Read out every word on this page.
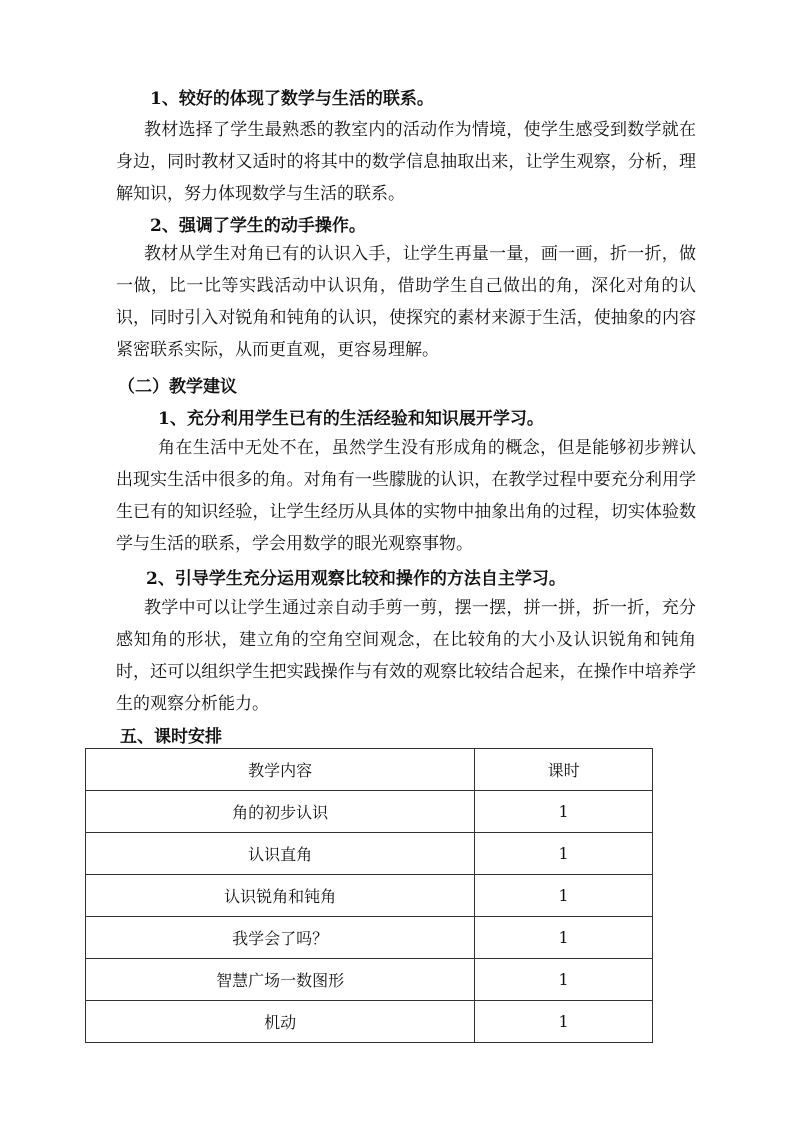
1、较好的体现了数学与生活的联系。

教材选择了学生最熟悉的教室内的活动作为情境，使学生感受到数学就在身边，同时教材又适时的将其中的数学信息抽取出来，让学生观察，分析，理解知识，努力体现数学与生活的联系。

2、强调了学生的动手操作。

教材从学生对角已有的认识入手，让学生再量一量，画一画，折一折，做一做，比一比等实践活动中认识角，借助学生自己做出的角，深化对角的认识，同时引入对锐角和钝角的认识，使探究的素材来源于生活，使抽象的内容紧密联系实际，从而更直观，更容易理解。

（二）教学建议

1、充分利用学生已有的生活经验和知识展开学习。

角在生活中无处不在，虽然学生没有形成角的概念，但是能够初步辨认出现实生活中很多的角。对角有一些朦胧的认识，在教学过程中要充分利用学生已有的知识经验，让学生经历从具体的实物中抽象出角的过程，切实体验数学与生活的联系，学会用数学的眼光观察事物。

2、引导学生充分运用观察比较和操作的方法自主学习。

教学中可以让学生通过亲自动手剪一剪，摆一摆，拼一拼，折一折，充分感知角的形状，建立角的空角空间观念，在比较角的大小及认识锐角和钝角时，还可以组织学生把实践操作与有效的观察比较结合起来，在操作中培养学生的观察分析能力。

五、课时安排

教学内容	课时
角的初步认识	1
认识直角	1
认识锐角和钝角	1
我学会了吗？	1
智慧广场一数图形	1
机动	1
